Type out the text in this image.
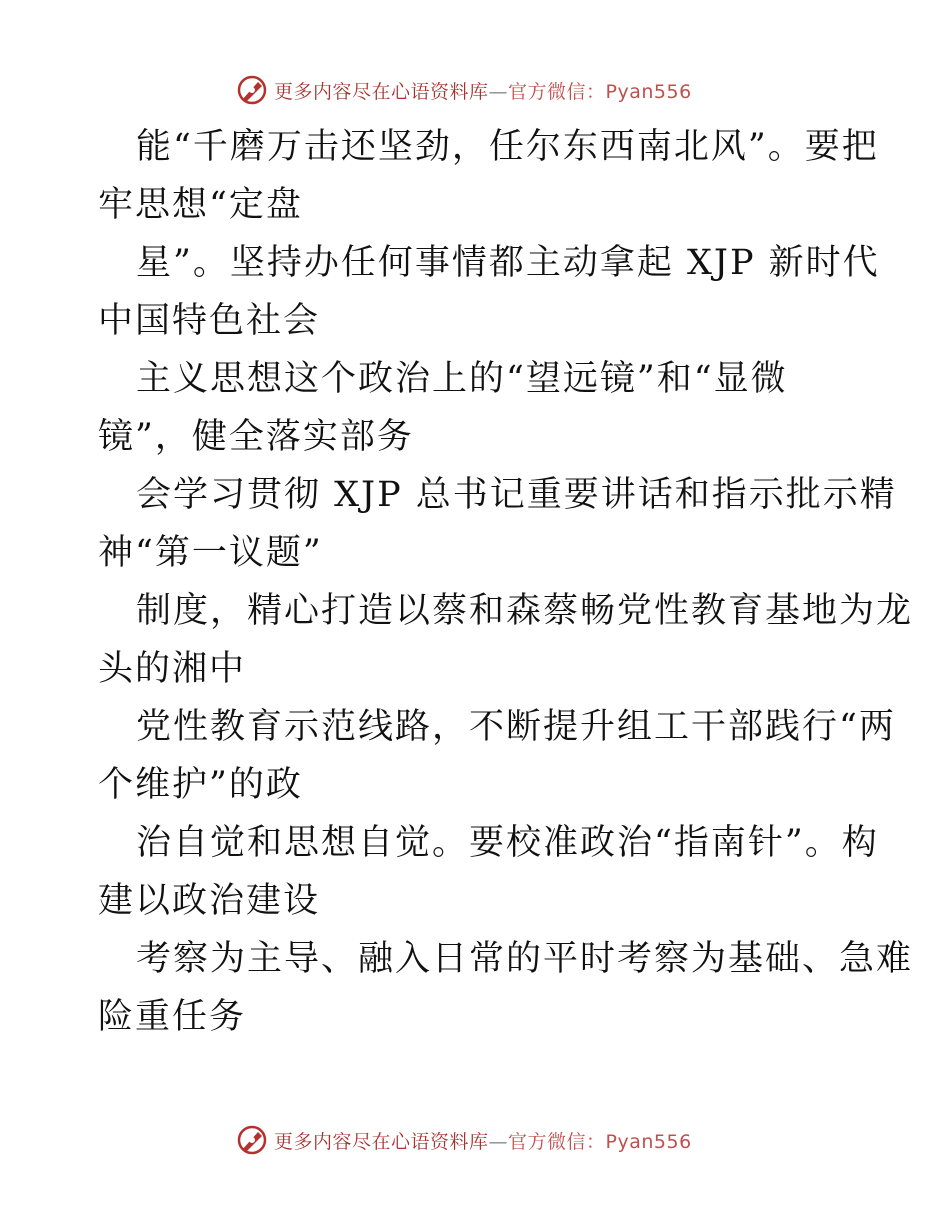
更多内容尽在心语资料库—官方微信：Pyan556
能“千磨万击还坚劲，任尔东西南北风”。要把
牢思想“定盘
星”。坚持办任何事情都主动拿起 XJP 新时代
中国特色社会
主义思想这个政治上的“望远镜”和“显微
镜”，健全落实部务
会学习贯彻 XJP 总书记重要讲话和指示批示精
神“第一议题”
制度，精心打造以蔡和森蔡畅党性教育基地为龙
头的湘中
党性教育示范线路，不断提升组工干部践行“两
个维护”的政
治自觉和思想自觉。要校准政治“指南针”。构
建以政治建设
考察为主导、融入日常的平时考察为基础、急难
险重任务
更多内容尽在心语资料库—官方微信：Pyan556
